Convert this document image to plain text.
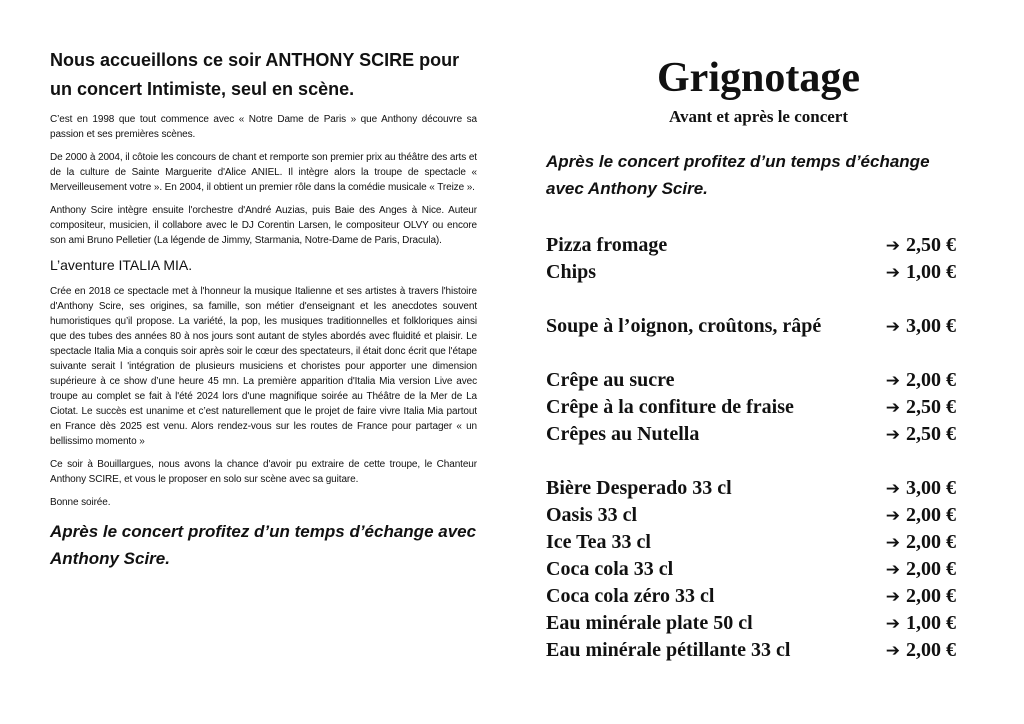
Nous accueillons ce soir ANTHONY SCIRE pour un concert Intimiste, seul en scène.

C’est en 1998 que tout commence avec « Notre Dame de Paris » que Anthony découvre sa passion et ses premières scènes.

De 2000 à 2004, il côtoie les concours de chant et remporte son premier prix au théâtre des arts et de la culture de Sainte Marguerite d'Alice ANIEL. Il intègre alors la troupe de spectacle « Merveilleusement votre ». En 2004, il obtient un premier rôle dans la comédie musicale « Treize ».

Anthony Scire intègre ensuite l'orchestre d'André Auzias, puis Baie des Anges à Nice. Auteur compositeur, musicien, il collabore avec le DJ Corentin Larsen, le compositeur OLVY ou encore son ami Bruno Pelletier (La légende de Jimmy, Starmania, Notre-Dame de Paris, Dracula).

L’aventure ITALIA MIA.

Crée en 2018 ce spectacle met à l'honneur la musique Italienne et ses artistes à travers l'histoire d'Anthony Scire, ses origines, sa famille, son métier d'enseignant et les anecdotes souvent humoristiques qu’il propose. La variété, la pop, les musiques traditionnelles et folkloriques ainsi que des tubes des années 80 à nos jours sont autant de styles abordés avec fluidité et plaisir. Le spectacle Italia Mia a conquis soir après soir le cœur des spectateurs, il était donc écrit que l'étape suivante serait l 'intégration de plusieurs musiciens et choristes pour apporter une dimension supérieure à ce show d’une heure 45 mn. La première apparition d'Italia Mia version Live avec troupe au complet se fait à l'été 2024 lors d'une magnifique soirée au Théâtre de la Mer de La Ciotat. Le succès est unanime et c’est naturellement que le projet de faire vivre Italia Mia partout en France dès 2025 est venu. Alors rendez-vous sur les routes de France pour partager « un bellissimo momento »

Ce soir à Bouillargues, nous avons la chance d'avoir pu extraire de cette troupe, le Chanteur Anthony SCIRE, et vous le proposer en solo sur scène avec sa guitare.

Bonne soirée.

Après le concert profitez d’un temps d’échange avec Anthony Scire.

Grignotage

Avant et après le concert

Après le concert profitez d’un temps d’échange avec Anthony Scire.

Pizza fromage	➔ 2,50 €
Chips	➔ 1,00 €
Soupe à l’oignon, croûtons, râpé	➔ 3,00 €
Crêpe au sucre	➔ 2,00 €
Crêpe à la confiture de fraise	➔ 2,50 €
Crêpes au Nutella	➔ 2,50 €
Bière Desperado 33 cl	➔ 3,00 €
Oasis 33 cl	➔ 2,00 €
Ice Tea 33 cl	➔ 2,00 €
Coca cola 33 cl	➔ 2,00 €
Coca cola zéro 33 cl	➔ 2,00 €
Eau minérale plate 50 cl	➔ 1,00 €
Eau minérale pétillante 33 cl	➔ 2,00 €
